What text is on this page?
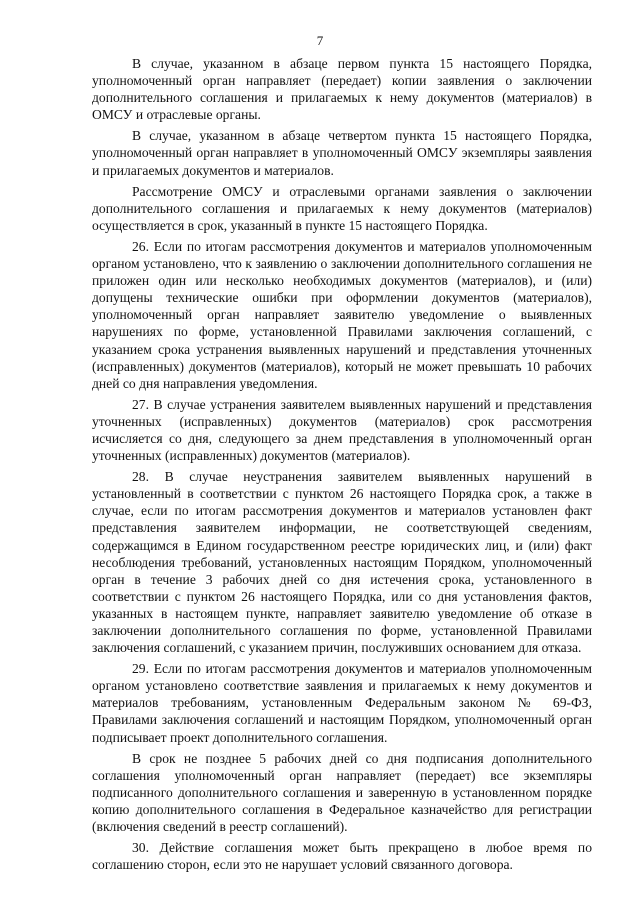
7

В случае, указанном в абзаце первом пункта 15 настоящего Порядка, уполномоченный орган направляет (передает) копии заявления о заключении дополнительного соглашения и прилагаемых к нему документов (материалов) в ОМСУ и отраслевые органы.

В случае, указанном в абзаце четвертом пункта 15 настоящего Порядка, уполномоченный орган направляет в уполномоченный ОМСУ экземпляры заявления и прилагаемых документов и материалов.

Рассмотрение ОМСУ и отраслевыми органами заявления о заключении дополнительного соглашения и прилагаемых к нему документов (материалов) осуществляется в срок, указанный в пункте 15 настоящего Порядка.

26. Если по итогам рассмотрения документов и материалов уполномоченным органом установлено, что к заявлению о заключении дополнительного соглашения не приложен один или несколько необходимых документов (материалов), и (или) допущены технические ошибки при оформлении документов (материалов), уполномоченный орган направляет заявителю уведомление о выявленных нарушениях по форме, установленной Правилами заключения соглашений, с указанием срока устранения выявленных нарушений и представления уточненных (исправленных) документов (материалов), который не может превышать 10 рабочих дней со дня направления уведомления.

27. В случае устранения заявителем выявленных нарушений и представления уточненных (исправленных) документов (материалов) срок рассмотрения исчисляется со дня, следующего за днем представления в уполномоченный орган уточненных (исправленных) документов (материалов).

28. В случае неустранения заявителем выявленных нарушений в установленный в соответствии с пунктом 26 настоящего Порядка срок, а также в случае, если по итогам рассмотрения документов и материалов установлен факт представления заявителем информации, не соответствующей сведениям, содержащимся в Едином государственном реестре юридических лиц, и (или) факт несоблюдения требований, установленных настоящим Порядком, уполномоченный орган в течение 3 рабочих дней со дня истечения срока, установленного в соответствии с пунктом 26 настоящего Порядка, или со дня установления фактов, указанных в настоящем пункте, направляет заявителю уведомление об отказе в заключении дополнительного соглашения по форме, установленной Правилами заключения соглашений, с указанием причин, послуживших основанием для отказа.

29. Если по итогам рассмотрения документов и материалов уполномоченным органом установлено соответствие заявления и прилагаемых к нему документов и материалов требованиям, установленным Федеральным законом № 69-ФЗ, Правилами заключения соглашений и настоящим Порядком, уполномоченный орган подписывает проект дополнительного соглашения.

В срок не позднее 5 рабочих дней со дня подписания дополнительного соглашения уполномоченный орган направляет (передает) все экземпляры подписанного дополнительного соглашения и заверенную в установленном порядке копию дополнительного соглашения в Федеральное казначейство для регистрации (включения сведений в реестр соглашений).

30. Действие соглашения может быть прекращено в любое время по соглашению сторон, если это не нарушает условий связанного договора.
